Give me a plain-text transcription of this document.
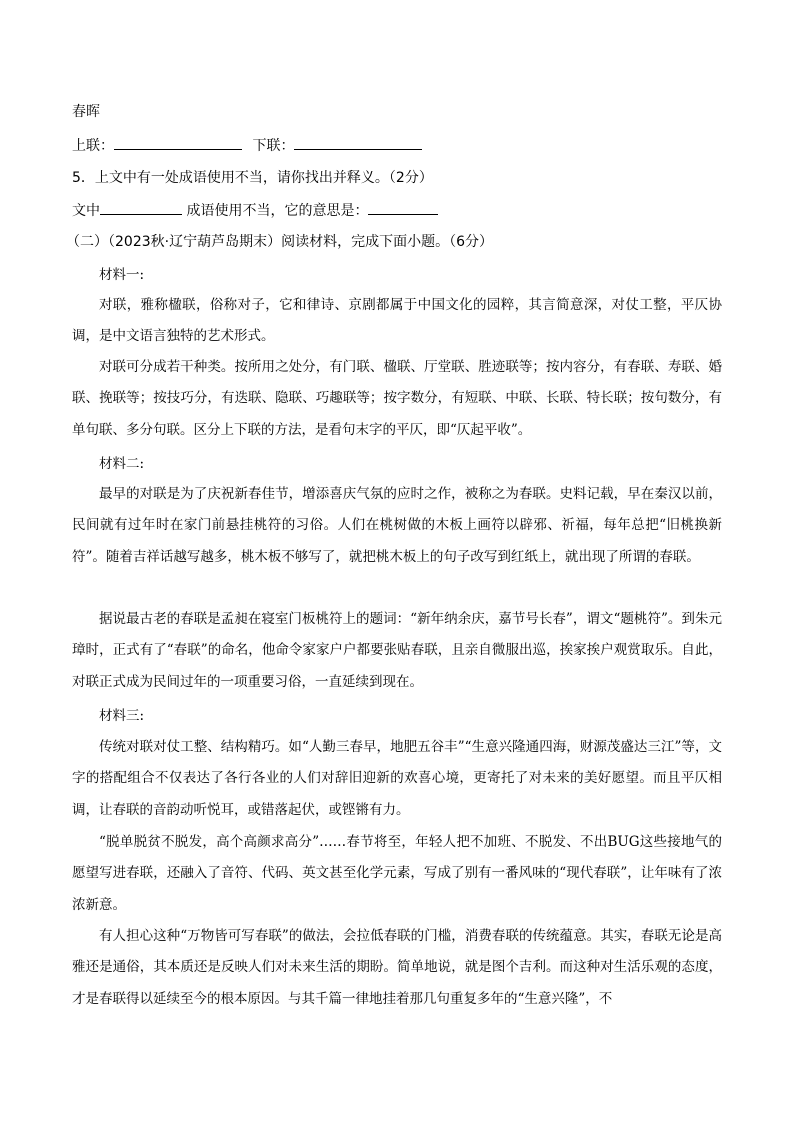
春晖
上联：	下联：
5．上文中有一处成语使用不当，请你找出并释义。（2分）
文中	成语使用不当，它的意思是：
（二）（2023秋·辽宁葫芦岛期末）阅读材料，完成下面小题。（6分）
材料一:

对联，雅称楹联，俗称对子，它和律诗、京剧都属于中国文化的园粹，其言简意深，对仗工整，平仄协调，是中文语言独特的艺术形式。

对联可分成若干种类。按所用之处分，有门联、楹联、厅堂联、胜迹联等；按内容分，有春联、寿联、婚联、挽联等；按技巧分，有迭联、隐联、巧趣联等；按字数分，有短联、中联、长联、特长联；按句数分，有单句联、多分句联。区分上下联的方法，是看句末字的平仄，即“仄起平收”。

材料二:

最早的对联是为了庆祝新春佳节，增添喜庆气氛的应时之作，被称之为春联。史料记载，早在秦汉以前，民间就有过年时在家门前悬挂桃符的习俗。人们在桃树做的木板上画符以辟邪、祈福，每年总把“旧桃换新符”。随着吉祥话越写越多，桃木板不够写了，就把桃木板上的句子改写到红纸上，就出现了所谓的春联。

据说最古老的春联是孟昶在寝室门板桃符上的题词：“新年纳余庆，嘉节号长春”，谓文“题桃符”。到朱元璋时，正式有了“春联”的命名，他命令家家户户都要张贴春联，且亲自微服出巡，挨家挨户观赏取乐。自此，对联正式成为民间过年的一项重要习俗，一直延续到现在。

材料三:

传统对联对仗工整、结构精巧。如“人勤三春早，地肥五谷丰”“生意兴隆通四海，财源茂盛达三江”等，文字的搭配组合不仅表达了各行各业的人们对辞旧迎新的欢喜心境，更寄托了对未来的美好愿望。而且平仄相调，让春联的音韵动听悦耳，或错落起伏，或铿锵有力。

“脱单脱贫不脱发，高个高颜求高分”……春节将至，年轻人把不加班、不脱发、不出BUG这些接地气的愿望写进春联，还融入了音符、代码、英文甚至化学元素，写成了别有一番风味的“现代春联”，让年味有了浓浓新意。

有人担心这种“万物皆可写春联”的做法，会拉低春联的门槛，消费春联的传统蕴意。其实，春联无论是高雅还是通俗，其本质还是反映人们对未来生活的期盼。简单地说，就是图个吉利。而这种对生活乐观的态度，才是春联得以延续至今的根本原因。与其千篇一律地挂着那几句重复多年的“生意兴隆”，不
